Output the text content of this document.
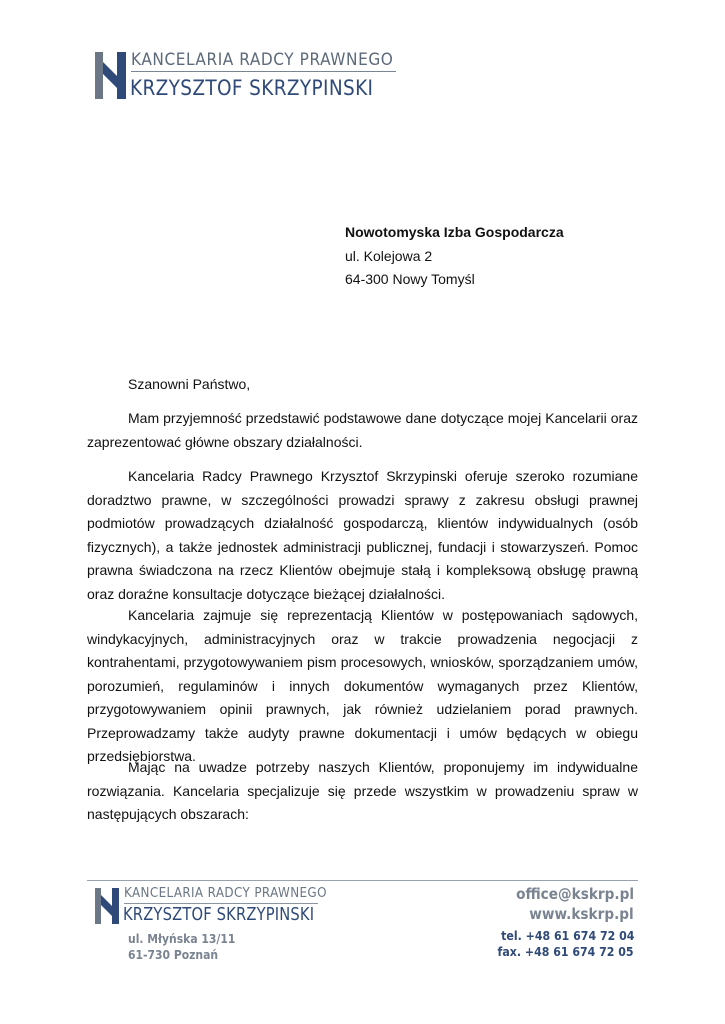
KANCELARIA RADCY PRAWNEGO
KRZYSZTOF SKRZYPINSKI
Nowotomyska Izba Gospodarcza
ul. Kolejowa 2
64-300 Nowy Tomyśl
Szanowni Państwo,

Mam przyjemność przedstawić podstawowe dane dotyczące mojej Kancelarii oraz zaprezentować główne obszary działalności.

Kancelaria Radcy Prawnego Krzysztof Skrzypinski oferuje szeroko rozumiane doradztwo prawne, w szczególności prowadzi sprawy z zakresu obsługi prawnej podmiotów prowadzących działalność gospodarczą, klientów indywidualnych (osób fizycznych), a także jednostek administracji publicznej, fundacji i stowarzyszeń. Pomoc prawna świadczona na rzecz Klientów obejmuje stałą i kompleksową obsługę prawną oraz doraźne konsultacje dotyczące bieżącej działalności.

Kancelaria zajmuje się reprezentacją Klientów w postępowaniach sądowych, windykacyjnych, administracyjnych oraz w trakcie prowadzenia negocjacji z kontrahentami, przygotowywaniem pism procesowych, wniosków, sporządzaniem umów, porozumień, regulaminów i innych dokumentów wymaganych przez Klientów, przygotowywaniem opinii prawnych, jak również udzielaniem porad prawnych. Przeprowadzamy także audyty prawne dokumentacji i umów będących w obiegu przedsiębiorstwa.

Mając na uwadze potrzeby naszych Klientów, proponujemy im indywidualne rozwiązania. Kancelaria specjalizuje się przede wszystkim w prowadzeniu spraw w następujących obszarach:

KANCELARIA RADCY PRAWNEGO
KRZYSZTOF SKRZYPINSKI
ul. Młyńska 13/11
61-730 Poznań
office@kskrp.pl
www.kskrp.pl
tel. +48 61 674 72 04
fax. +48 61 674 72 05
